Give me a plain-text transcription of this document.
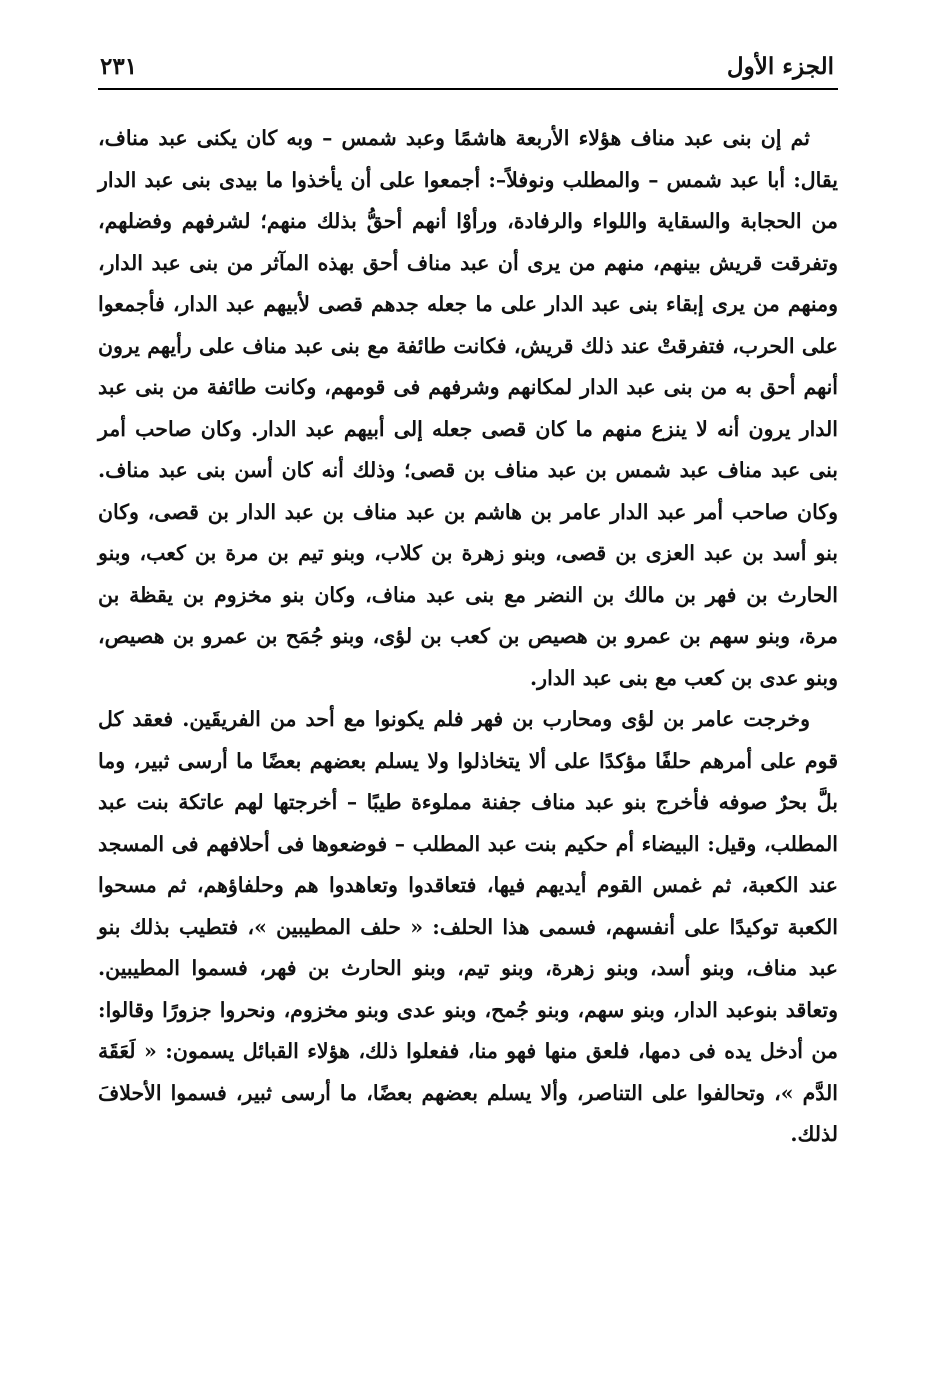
الجزء الأول
٢٣١

ثم إن بنى عبد مناف هؤلاء الأربعة هاشمًا وعبد شمس – وبه كان يكنى عبد مناف، يقال: أبا عبد شمس – والمطلب ونوفلاً–: أجمعوا على أن يأخذوا ما بيدى بنى عبد الدار من الحجابة والسقاية واللواء والرفادة، ورأوْا أنهم أحقُّ بذلك منهم؛ لشرفهم وفضلهم، وتفرقت قريش بينهم، منهم من يرى أن عبد مناف أحق بهذه المآثر من بنى عبد الدار، ومنهم من يرى إبقاء بنى عبد الدار على ما جعله جدهم قصى لأبيهم عبد الدار، فأجمعوا على الحرب، فتفرقتْ عند ذلك قريش، فكانت طائفة مع بنى عبد مناف على رأيهم يرون أنهم أحق به من بنى عبد الدار لمكانهم وشرفهم فى قومهم، وكانت طائفة من بنى عبد الدار يرون أنه لا ينزع منهم ما كان قصى جعله إلى أبيهم عبد الدار. وكان صاحب أمر بنى عبد مناف عبد شمس بن عبد مناف بن قصى؛ وذلك أنه كان أسن بنى عبد مناف. وكان صاحب أمر عبد الدار عامر بن هاشم بن عبد مناف بن عبد الدار بن قصى، وكان بنو أسد بن عبد العزى بن قصى، وبنو زهرة بن كلاب، وبنو تيم بن مرة بن كعب، وبنو الحارث بن فهر بن مالك بن النضر مع بنى عبد مناف، وكان بنو مخزوم بن يقظة بن مرة، وبنو سهم بن عمرو بن هصيص بن كعب بن لؤى، وبنو جُمَح بن عمرو بن هصيص، وبنو عدى بن كعب مع بنى عبد الدار.

وخرجت عامر بن لؤى ومحارب بن فهر فلم يكونوا مع أحد من الفريقَين. فعقد كل قوم على أمرهم حلفًا مؤكدًا على ألا يتخاذلوا ولا يسلم بعضهم بعضًا ما أرسى ثبير، وما بلَّ بحرٌ صوفه فأخرج بنو عبد مناف جفنة مملوءة طيبًا – أخرجتها لهم عاتكة بنت عبد المطلب، وقيل: البيضاء أم حكيم بنت عبد المطلب – فوضعوها فى أحلافهم فى المسجد عند الكعبة، ثم غمس القوم أيديهم فيها، فتعاقدوا وتعاهدوا هم وحلفاؤهم، ثم مسحوا الكعبة توكيدًا على أنفسهم، فسمى هذا الحلف: « حلف المطيبين »، فتطيب بذلك بنو عبد مناف، وبنو أسد، وبنو زهرة، وبنو تيم، وبنو الحارث بن فهر، فسموا المطيبين. وتعاقد بنوعبد الدار، وبنو سهم، وبنو جُمح، وبنو عدى وبنو مخزوم، ونحروا جزورًا وقالوا: من أدخل يده فى دمها، فلعق منها فهو منا، ففعلوا ذلك، هؤلاء القبائل يسمون: « لَعَقَة الدَّم »، وتحالفوا على التناصر، وألا يسلم بعضهم بعضًا، ما أرسى ثبير، فسموا الأحلافَ لذلك.
